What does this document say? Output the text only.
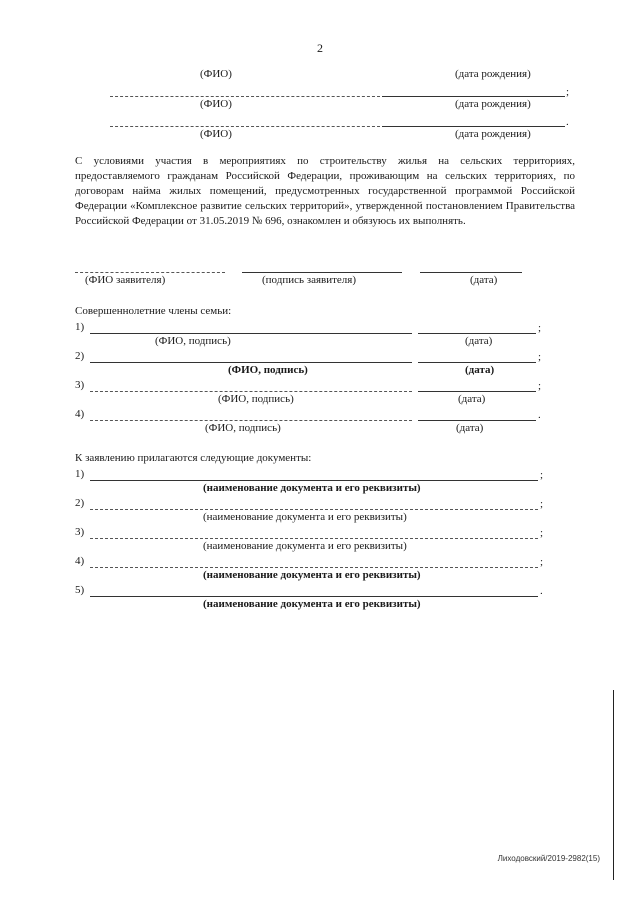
2
(ФИО)	(дата рождения)
;
(ФИО)	(дата рождения)
.
(ФИО)	(дата рождения)
С условиями участия в мероприятиях по строительству жилья на сельских территориях, предоставляемого гражданам Российской Федерации, проживающим на сельских территориях, по договорам найма жилых помещений, предусмотренных государственной программой Российской Федерации «Комплексное развитие сельских территорий», утвержденной постановлением Правительства Российской Федерации от 31.05.2019 № 696, ознакомлен и обязуюсь их выполнять.
(ФИО заявителя)	(подпись заявителя)	(дата)
Совершеннолетние члены семьи:
1)	;
(ФИО, подпись)	(дата)
2)	;
(ФИО, подпись)	(дата)
3)	;
(ФИО, подпись)	(дата)
4)	.
(ФИО, подпись)	(дата)
К заявлению прилагаются следующие документы:
1)	;
(наименование документа и его реквизиты)
2)	;
(наименование документа и его реквизиты)
3)	;
(наименование документа и его реквизиты)
4)	;
(наименование документа и его реквизиты)
5)	.
(наименование документа и его реквизиты)
Лиходовский/2019-2982(15)
